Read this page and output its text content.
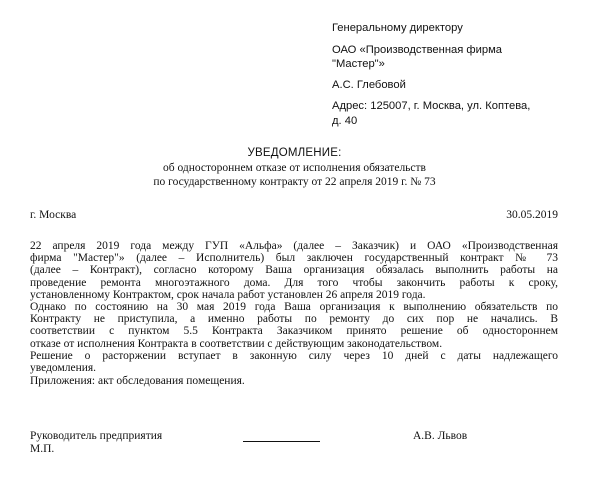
Генеральному директору
ОАО «Производственная фирма
"Мастер"»
А.С. Глебовой
Адрес: 125007, г. Москва, ул. Коптева,
д. 40
УВЕДОМЛЕНИЕ:
об одностороннем отказе от исполнения обязательств
по государственному контракту от 22 апреля 2019 г. № 73
г. Москва	30.05.2019
22 апреля 2019 года между ГУП «Альфа» (далее – Заказчик) и ОАО «Производственная
фирма "Мастер"» (далее – Исполнитель) был заключен государственный контракт № 73
(далее – Контракт), согласно которому Ваша организация обязалась выполнить работы на
проведение ремонта многоэтажного дома. Для того чтобы закончить работы к сроку,
установленному Контрактом, срок начала работ установлен 26 апреля 2019 года.
Однако по состоянию на 30 мая 2019 года Ваша организация к выполнению обязательств по
Контракту не приступила, а именно работы по ремонту до сих пор не начались. В
соответствии с пунктом 5.5 Контракта Заказчиком принято решение об одностороннем
отказе от исполнения Контракта в соответствии с действующим законодательством.
Решение о расторжении вступает в законную силу через 10 дней с даты надлежащего
уведомления.
Приложения: акт обследования помещения.
Руководитель предприятия	А.В. Львов
М.П.
